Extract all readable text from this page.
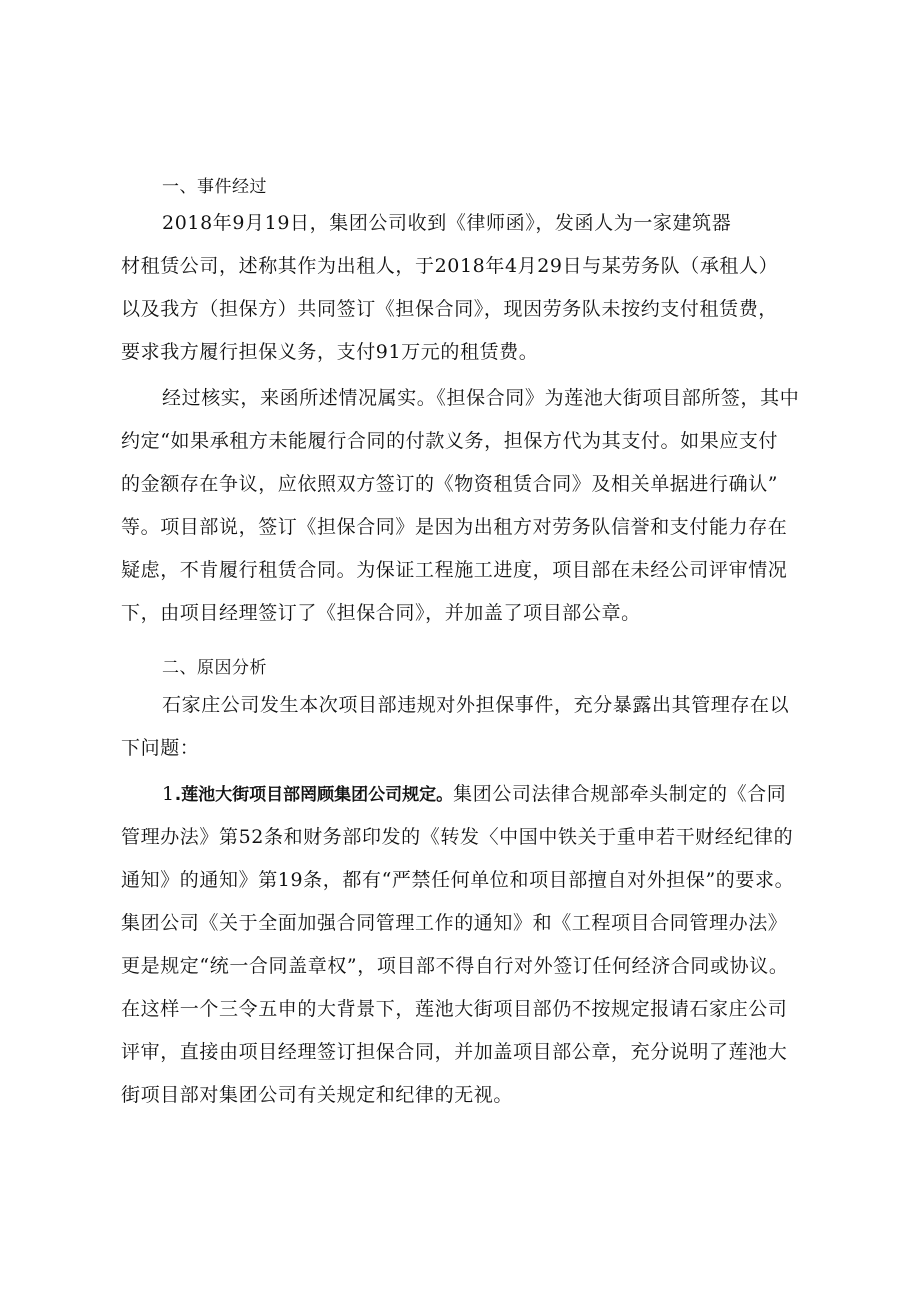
一、事件经过
2018年9月19日，集团公司收到《律师函》，发函人为一家建筑器
材租赁公司，述称其作为出租人，于2018年4月29日与某劳务队（承租人）
以及我方（担保方）共同签订《担保合同》，现因劳务队未按约支付租赁费，
要求我方履行担保义务，支付91万元的租赁费。
经过核实，来函所述情况属实。《担保合同》为莲池大街项目部所签，其中
约定“如果承租方未能履行合同的付款义务，担保方代为其支付。如果应支付
的金额存在争议，应依照双方签订的《物资租赁合同》及相关单据进行确认”
等。项目部说，签订《担保合同》是因为出租方对劳务队信誉和支付能力存在
疑虑，不肯履行租赁合同。为保证工程施工进度，项目部在未经公司评审情况
下，由项目经理签订了《担保合同》，并加盖了项目部公章。
二、原因分析
石家庄公司发生本次项目部违规对外担保事件，充分暴露出其管理存在以
下问题：
1.莲池大街项目部罔顾集团公司规定。集团公司法律合规部牵头制定的《合同
管理办法》第52条和财务部印发的《转发〈中国中铁关于重申若干财经纪律的
通知》的通知》第19条，都有“严禁任何单位和项目部擅自对外担保”的要求。
集团公司《关于全面加强合同管理工作的通知》和《工程项目合同管理办法》
更是规定“统一合同盖章权”，项目部不得自行对外签订任何经济合同或协议。
在这样一个三令五申的大背景下，莲池大街项目部仍不按规定报请石家庄公司
评审，直接由项目经理签订担保合同，并加盖项目部公章，充分说明了莲池大
街项目部对集团公司有关规定和纪律的无视。
